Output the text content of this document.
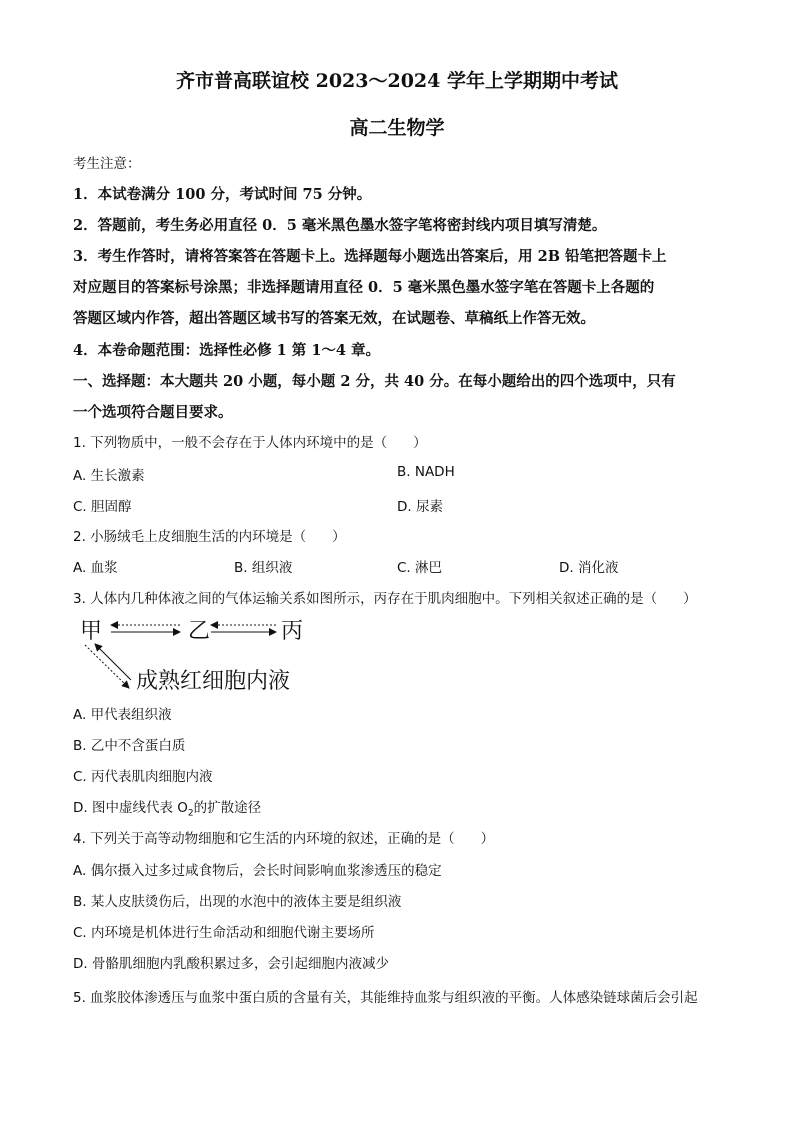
齐市普高联谊校 2023～2024 学年上学期期中考试
高二生物学
考生注意：
1．本试卷满分 100 分，考试时间 75 分钟。
2．答题前，考生务必用直径 0．5 毫米黑色墨水签字笔将密封线内项目填写清楚。
3．考生作答时，请将答案答在答题卡上。选择题每小题选出答案后，用 2B 铅笔把答题卡上
对应题目的答案标号涂黑；非选择题请用直径 0．5 毫米黑色墨水签字笔在答题卡上各题的
答题区域内作答，超出答题区域书写的答案无效，在试题卷、草稿纸上作答无效。
4．本卷命题范围：选择性必修 1 第 1～4 章。
一、选择题：本大题共 20 小题，每小题 2 分，共 40 分。在每小题给出的四个选项中，只有
一个选项符合题目要求。
1. 下列物质中，一般不会存在于人体内环境中的是（ ）
A. 生长激素	B. NADH
C. 胆固醇	D. 尿素
2. 小肠绒毛上皮细胞生活的内环境是（ ）
A. 血浆	B. 组织液	C. 淋巴	D. 消化液
3. 人体内几种体液之间的气体运输关系如图所示，丙存在于肌肉细胞中。下列相关叙述正确的是（ ）
甲	乙	丙
成熟红细胞内液
A. 甲代表组织液
B. 乙中不含蛋白质
C. 丙代表肌肉细胞内液
D. 图中虚线代表 $O_2$的扩散途径
4. 下列关于高等动物细胞和它生活的内环境的叙述，正确的是（ ）
A. 偶尔摄入过多过咸食物后，会长时间影响血浆渗透压的稳定
B. 某人皮肤烫伤后，出现的水泡中的液体主要是组织液
C. 内环境是机体进行生命活动和细胞代谢主要场所
D. 骨骼肌细胞内乳酸积累过多，会引起细胞内液减少
5. 血浆胶体渗透压与血浆中蛋白质的含量有关，其能维持血浆与组织液的平衡。人体感染链球菌后会引起
